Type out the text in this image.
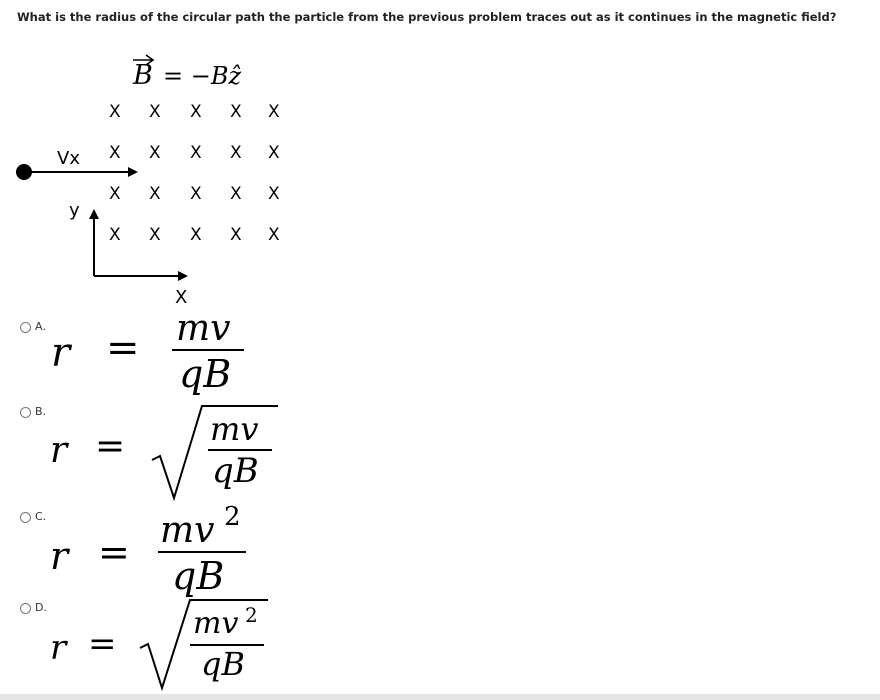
What is the radius of the circular path the particle from the previous problem traces out as it continues in the magnetic field?
B = −Bẑ
X X X X X
X X X X X
X X X X X
X X X X X
Vx
y
X
A.
r = mv
qB
B.
r =	mv
qB
C.
r = mv 2
qB
D.
r =
mv 2
qB
